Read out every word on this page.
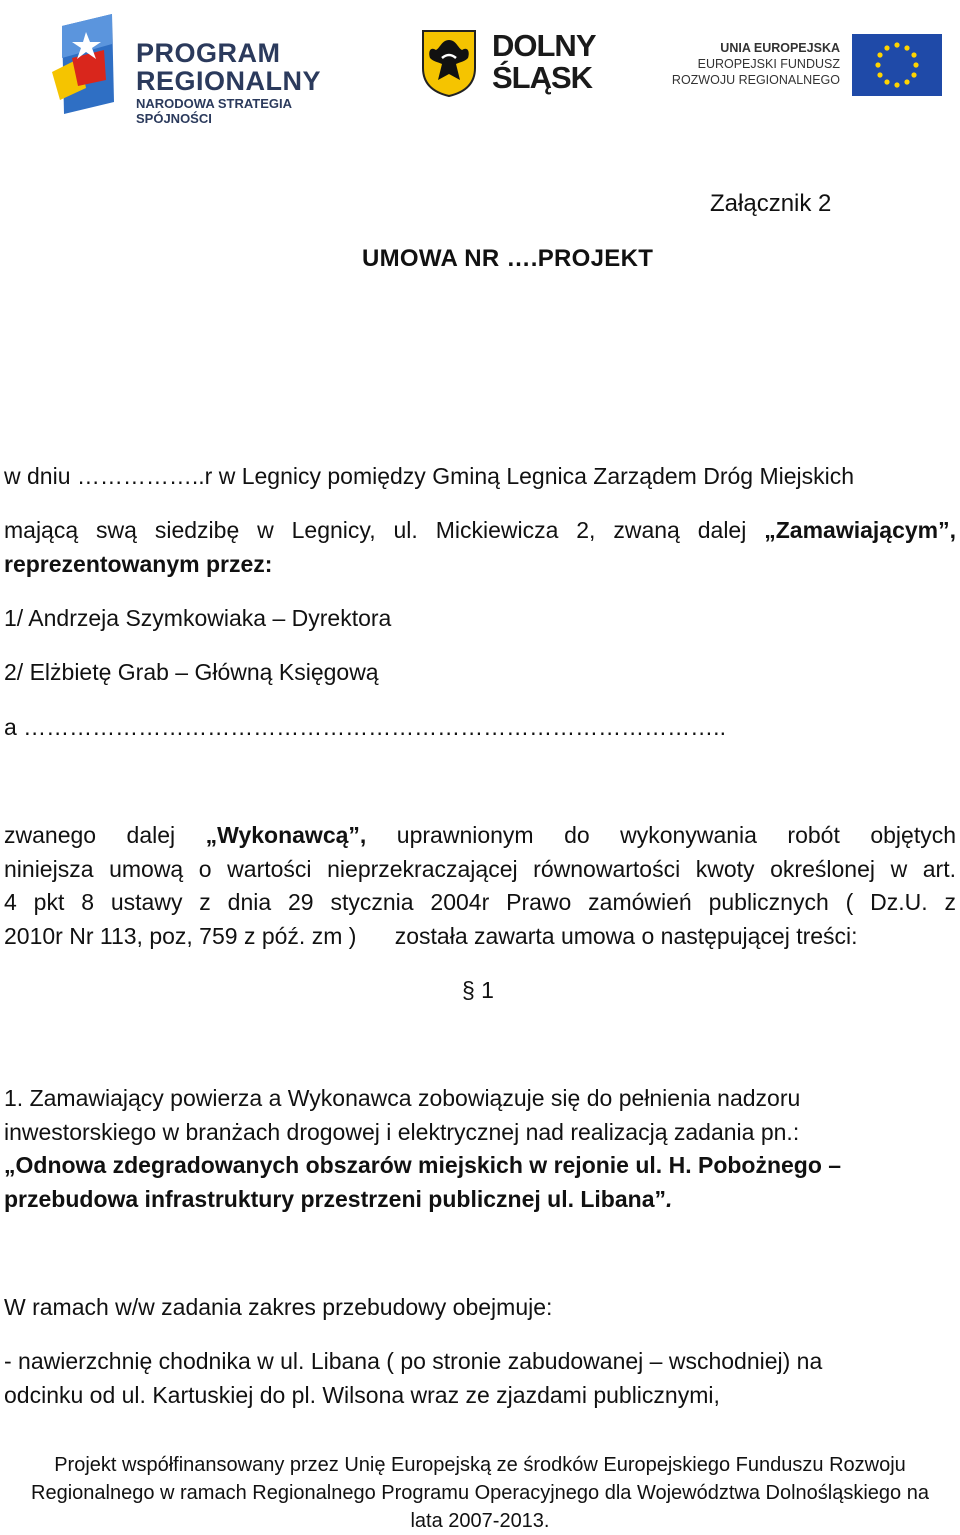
PROGRAM
REGIONALNY
NARODOWA STRATEGIA SPÓJNOŚCI
DOLNY
ŚLĄSK
UNIA EUROPEJSKA
EUROPEJSKI FUNDUSZ
ROZWOJU REGIONALNEGO
Załącznik 2
UMOWA NR ….PROJEKT
w dniu ……………..r w Legnicy pomiędzy Gminą Legnica Zarządem Dróg Miejskich
mającą swą siedzibę w Legnicy, ul. Mickiewicza 2, zwaną dalej „Zamawiającym”,
reprezentowanym przez:
1/ Andrzeja Szymkowiaka – Dyrektora
2/ Elżbietę Grab – Główną Księgową
a ………………………………………………………………………………..
zwanego dalej „Wykonawcą”, uprawnionym do wykonywania robót objętych
niniejsza umową o wartości nieprzekraczającej równowartości kwoty określonej w art.
4 pkt 8 ustawy z dnia 29 stycznia 2004r Prawo zamówień publicznych ( Dz.U. z
2010r Nr 113, poz, 759 z póź. zm )      została zawarta umowa o następującej treści:
§ 1
1. Zamawiający powierza a Wykonawca zobowiązuje się do pełnienia nadzoru
inwestorskiego w branżach drogowej i elektrycznej nad realizacją zadania pn.:
„Odnowa zdegradowanych obszarów miejskich w rejonie ul. H. Pobożnego –
przebudowa infrastruktury przestrzeni publicznej ul. Libana”.
W ramach w/w zadania zakres przebudowy obejmuje:
- nawierzchnię chodnika w ul. Libana ( po stronie zabudowanej – wschodniej) na
odcinku od ul. Kartuskiej do pl. Wilsona wraz ze zjazdami publicznymi,
Projekt współfinansowany przez Unię Europejską ze środków Europejskiego Funduszu Rozwoju
Regionalnego w ramach Regionalnego Programu Operacyjnego dla Województwa Dolnośląskiego na
lata 2007-2013.
